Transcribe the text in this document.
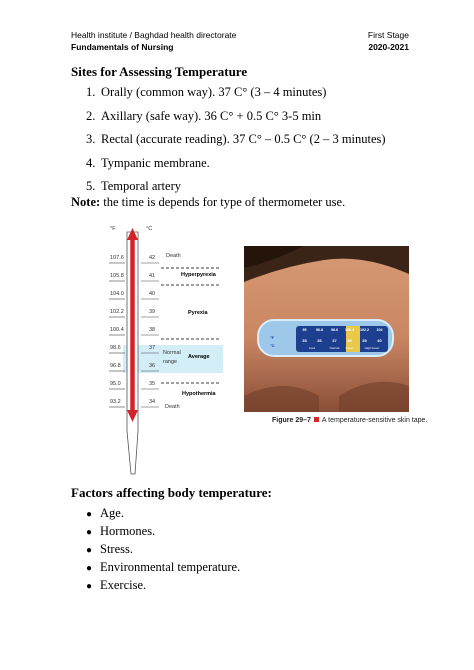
Health institute / Baghdad health directorate	First Stage
Fundamentals of Nursing	2020-2021
Sites for Assessing Temperature
1. Orally (common way). 37 C° (3 – 4 minutes)
2. Axillary (safe way). 36 C° + 0.5 C° 3-5 min
3. Rectal (accurate reading). 37 C° – 0.5 C° (2 – 3 minutes)
4. Tympanic membrane.
5. Temporal artery
Note: the time is depends for type of thermometer use.
°F	°C
107.6
105.8
104.0
102.2
100.4
98.6
96.8
95.0
93.2
42
41
40
39
38
37
36
35
34
Death
Hyperpyrexia
Pyrexia
Normal
range
Average
Hypothermia
Death
°F
°C
95	96.8	98.6	100.4	102.2	104
35	36	37	38	39	40
Cool	Normal	Fever	High Fever
Figure 29–7 A temperature-sensitive skin tape.
Factors affecting body temperature:
● Age.
● Hormones.
● Stress.
● Environmental temperature.
● Exercise.
